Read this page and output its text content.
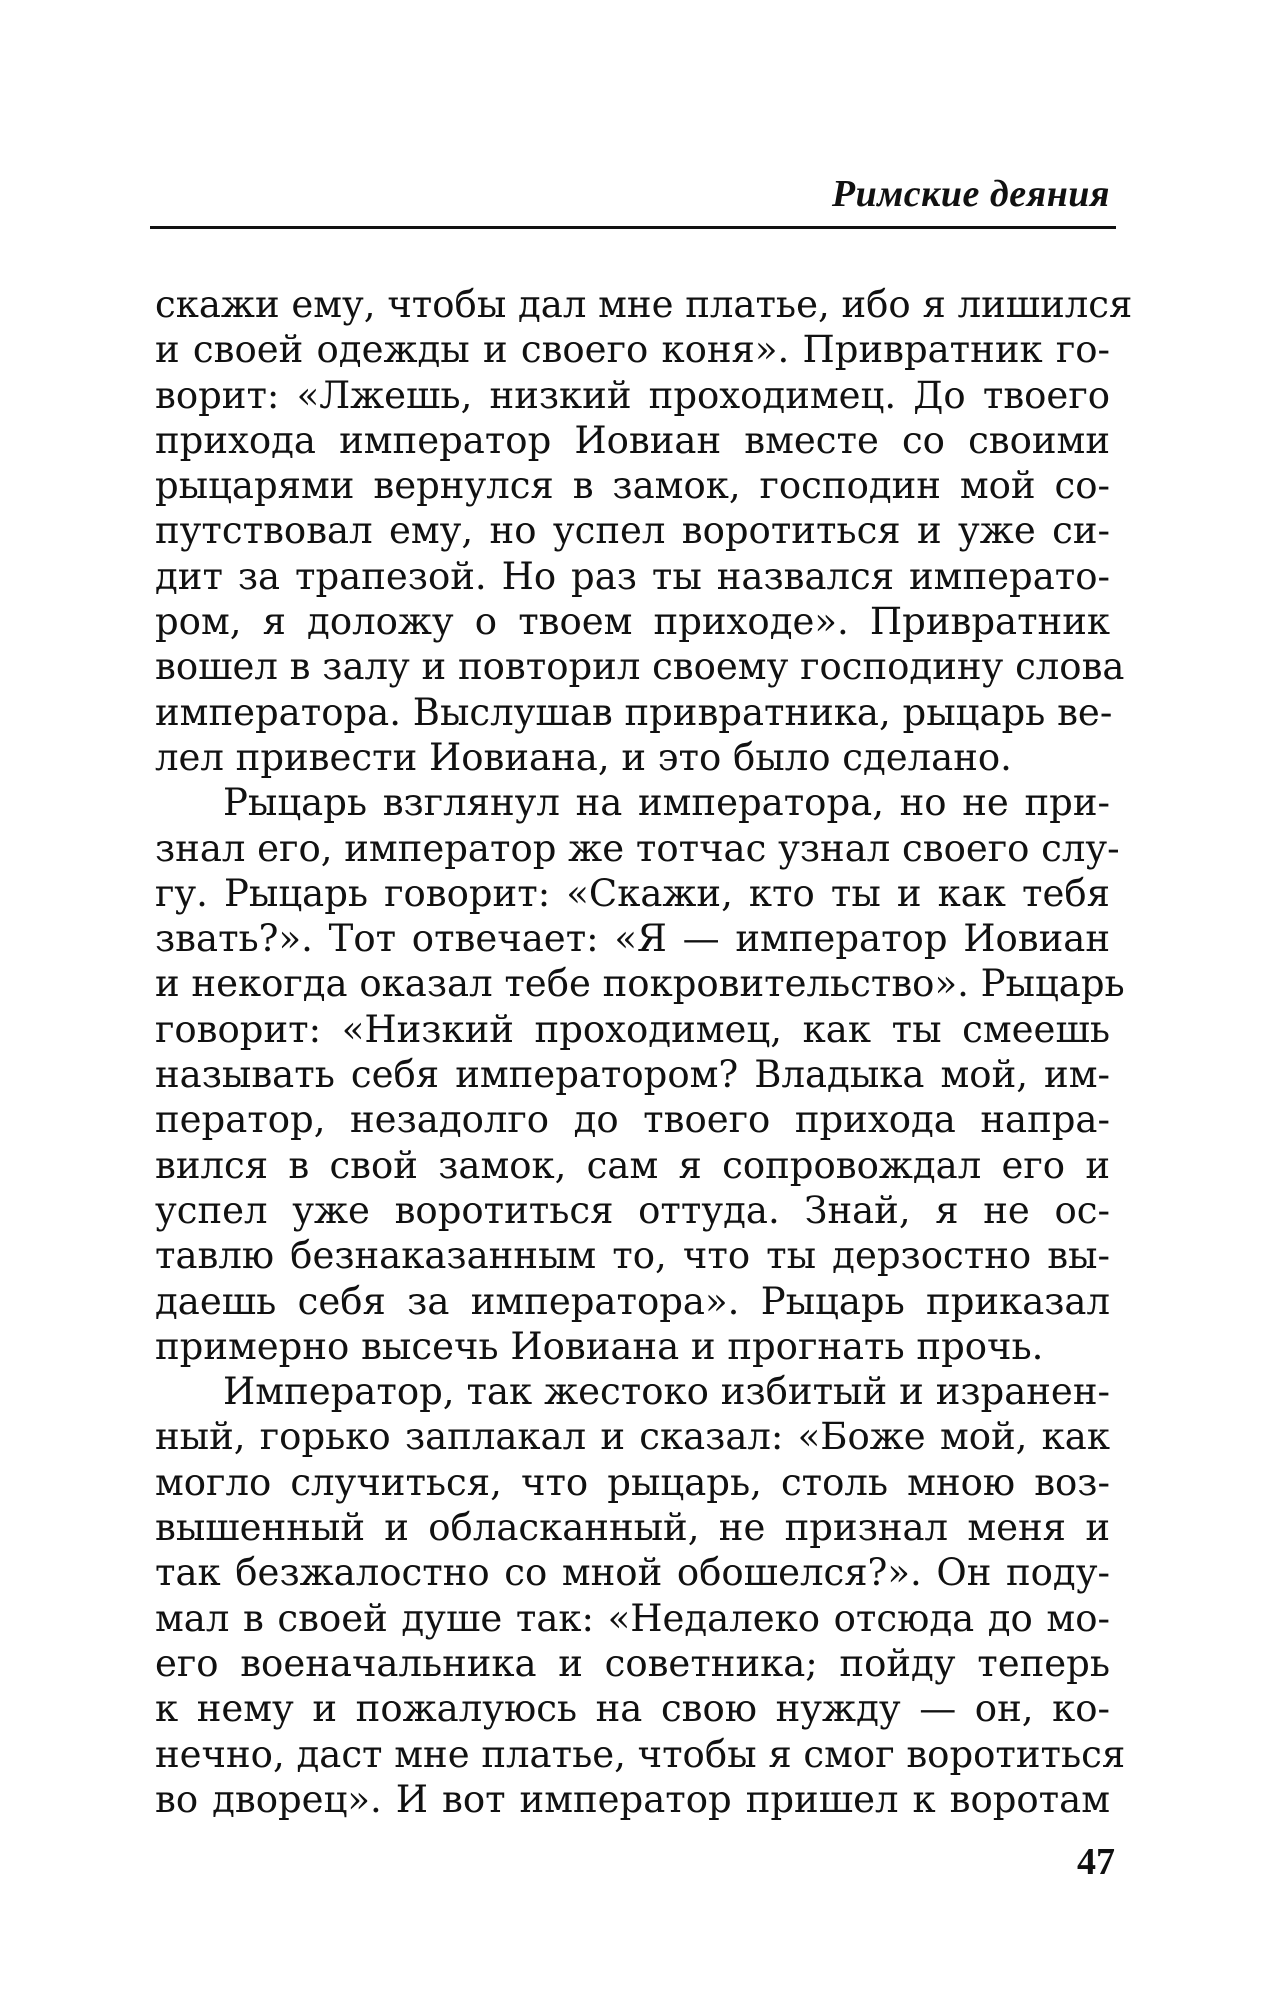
Римские деяния
скажи ему, чтобы дал мне платье, ибо я лишился
и своей одежды и своего коня». Привратник го-
ворит: «Лжешь, низкий проходимец. До твоего
прихода император Иовиан вместе со своими
рыцарями вернулся в замок, господин мой со-
путствовал ему, но успел воротиться и уже си-
дит за трапезой. Но раз ты назвался императо-
ром, я доложу о твоем приходе». Привратник
вошел в залу и повторил своему господину слова
императора. Выслушав привратника, рыцарь ве-
лел привести Иовиана, и это было сделано.
Рыцарь взглянул на императора, но не при-
знал его, император же тотчас узнал своего слу-
гу. Рыцарь говорит: «Скажи, кто ты и как тебя
звать?». Тот отвечает: «Я — император Иовиан
и некогда оказал тебе покровительство». Рыцарь
говорит: «Низкий проходимец, как ты смеешь
называть себя императором? Владыка мой, им-
ператор, незадолго до твоего прихода напра-
вился в свой замок, сам я сопровождал его и
успел уже воротиться оттуда. Знай, я не ос-
тавлю безнаказанным то, что ты дерзостно вы-
даешь себя за императора». Рыцарь приказал
примерно высечь Иовиана и прогнать прочь.
Император, так жестоко избитый и изранен-
ный, горько заплакал и сказал: «Боже мой, как
могло случиться, что рыцарь, столь мною воз-
вышенный и обласканный, не признал меня и
так безжалостно со мной обошелся?». Он поду-
мал в своей душе так: «Недалеко отсюда до мо-
его военачальника и советника; пойду теперь
к нему и пожалуюсь на свою нужду — он, ко-
нечно, даст мне платье, чтобы я смог воротиться
во дворец». И вот император пришел к воротам
47
